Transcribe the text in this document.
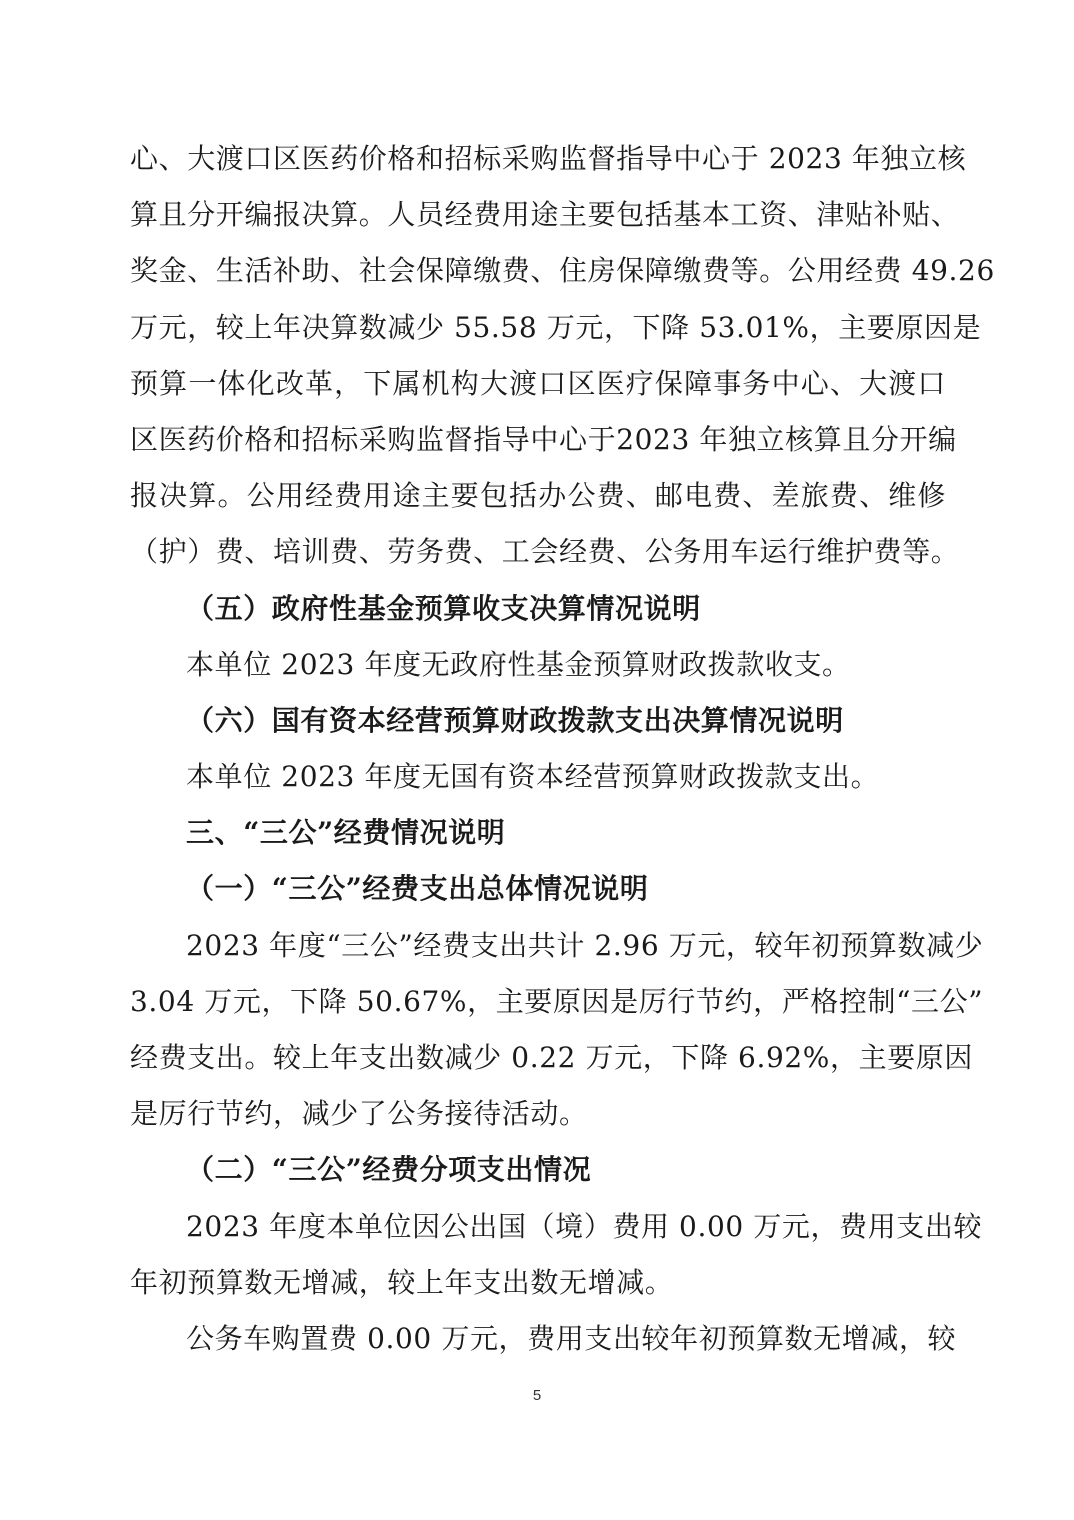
心、大渡口区医药价格和招标采购监督指导中心于 2023 年独立核
算且分开编报决算。人员经费用途主要包括基本工资、津贴补贴、
奖金、生活补助、社会保障缴费、住房保障缴费等。公用经费 49.26
万元，较上年决算数减少 55.58 万元，下降 53.01%，主要原因是
预算一体化改革，下属机构大渡口区医疗保障事务中心、大渡口
区医药价格和招标采购监督指导中心于2023 年独立核算且分开编
报决算。公用经费用途主要包括办公费、邮电费、差旅费、维修
（护）费、培训费、劳务费、工会经费、公务用车运行维护费等。
（五）政府性基金预算收支决算情况说明
本单位 2023 年度无政府性基金预算财政拨款收支。
（六）国有资本经营预算财政拨款支出决算情况说明
本单位 2023 年度无国有资本经营预算财政拨款支出。
三、“三公”经费情况说明
（一）“三公”经费支出总体情况说明
2023 年度“三公”经费支出共计 2.96 万元，较年初预算数减少
3.04 万元，下降 50.67%，主要原因是厉行节约，严格控制“三公”
经费支出。较上年支出数减少 0.22 万元，下降 6.92%，主要原因
是厉行节约，减少了公务接待活动。
（二）“三公”经费分项支出情况
2023 年度本单位因公出国（境）费用 0.00 万元，费用支出较
年初预算数无增减，较上年支出数无增减。
公务车购置费 0.00 万元，费用支出较年初预算数无增减，较
5
